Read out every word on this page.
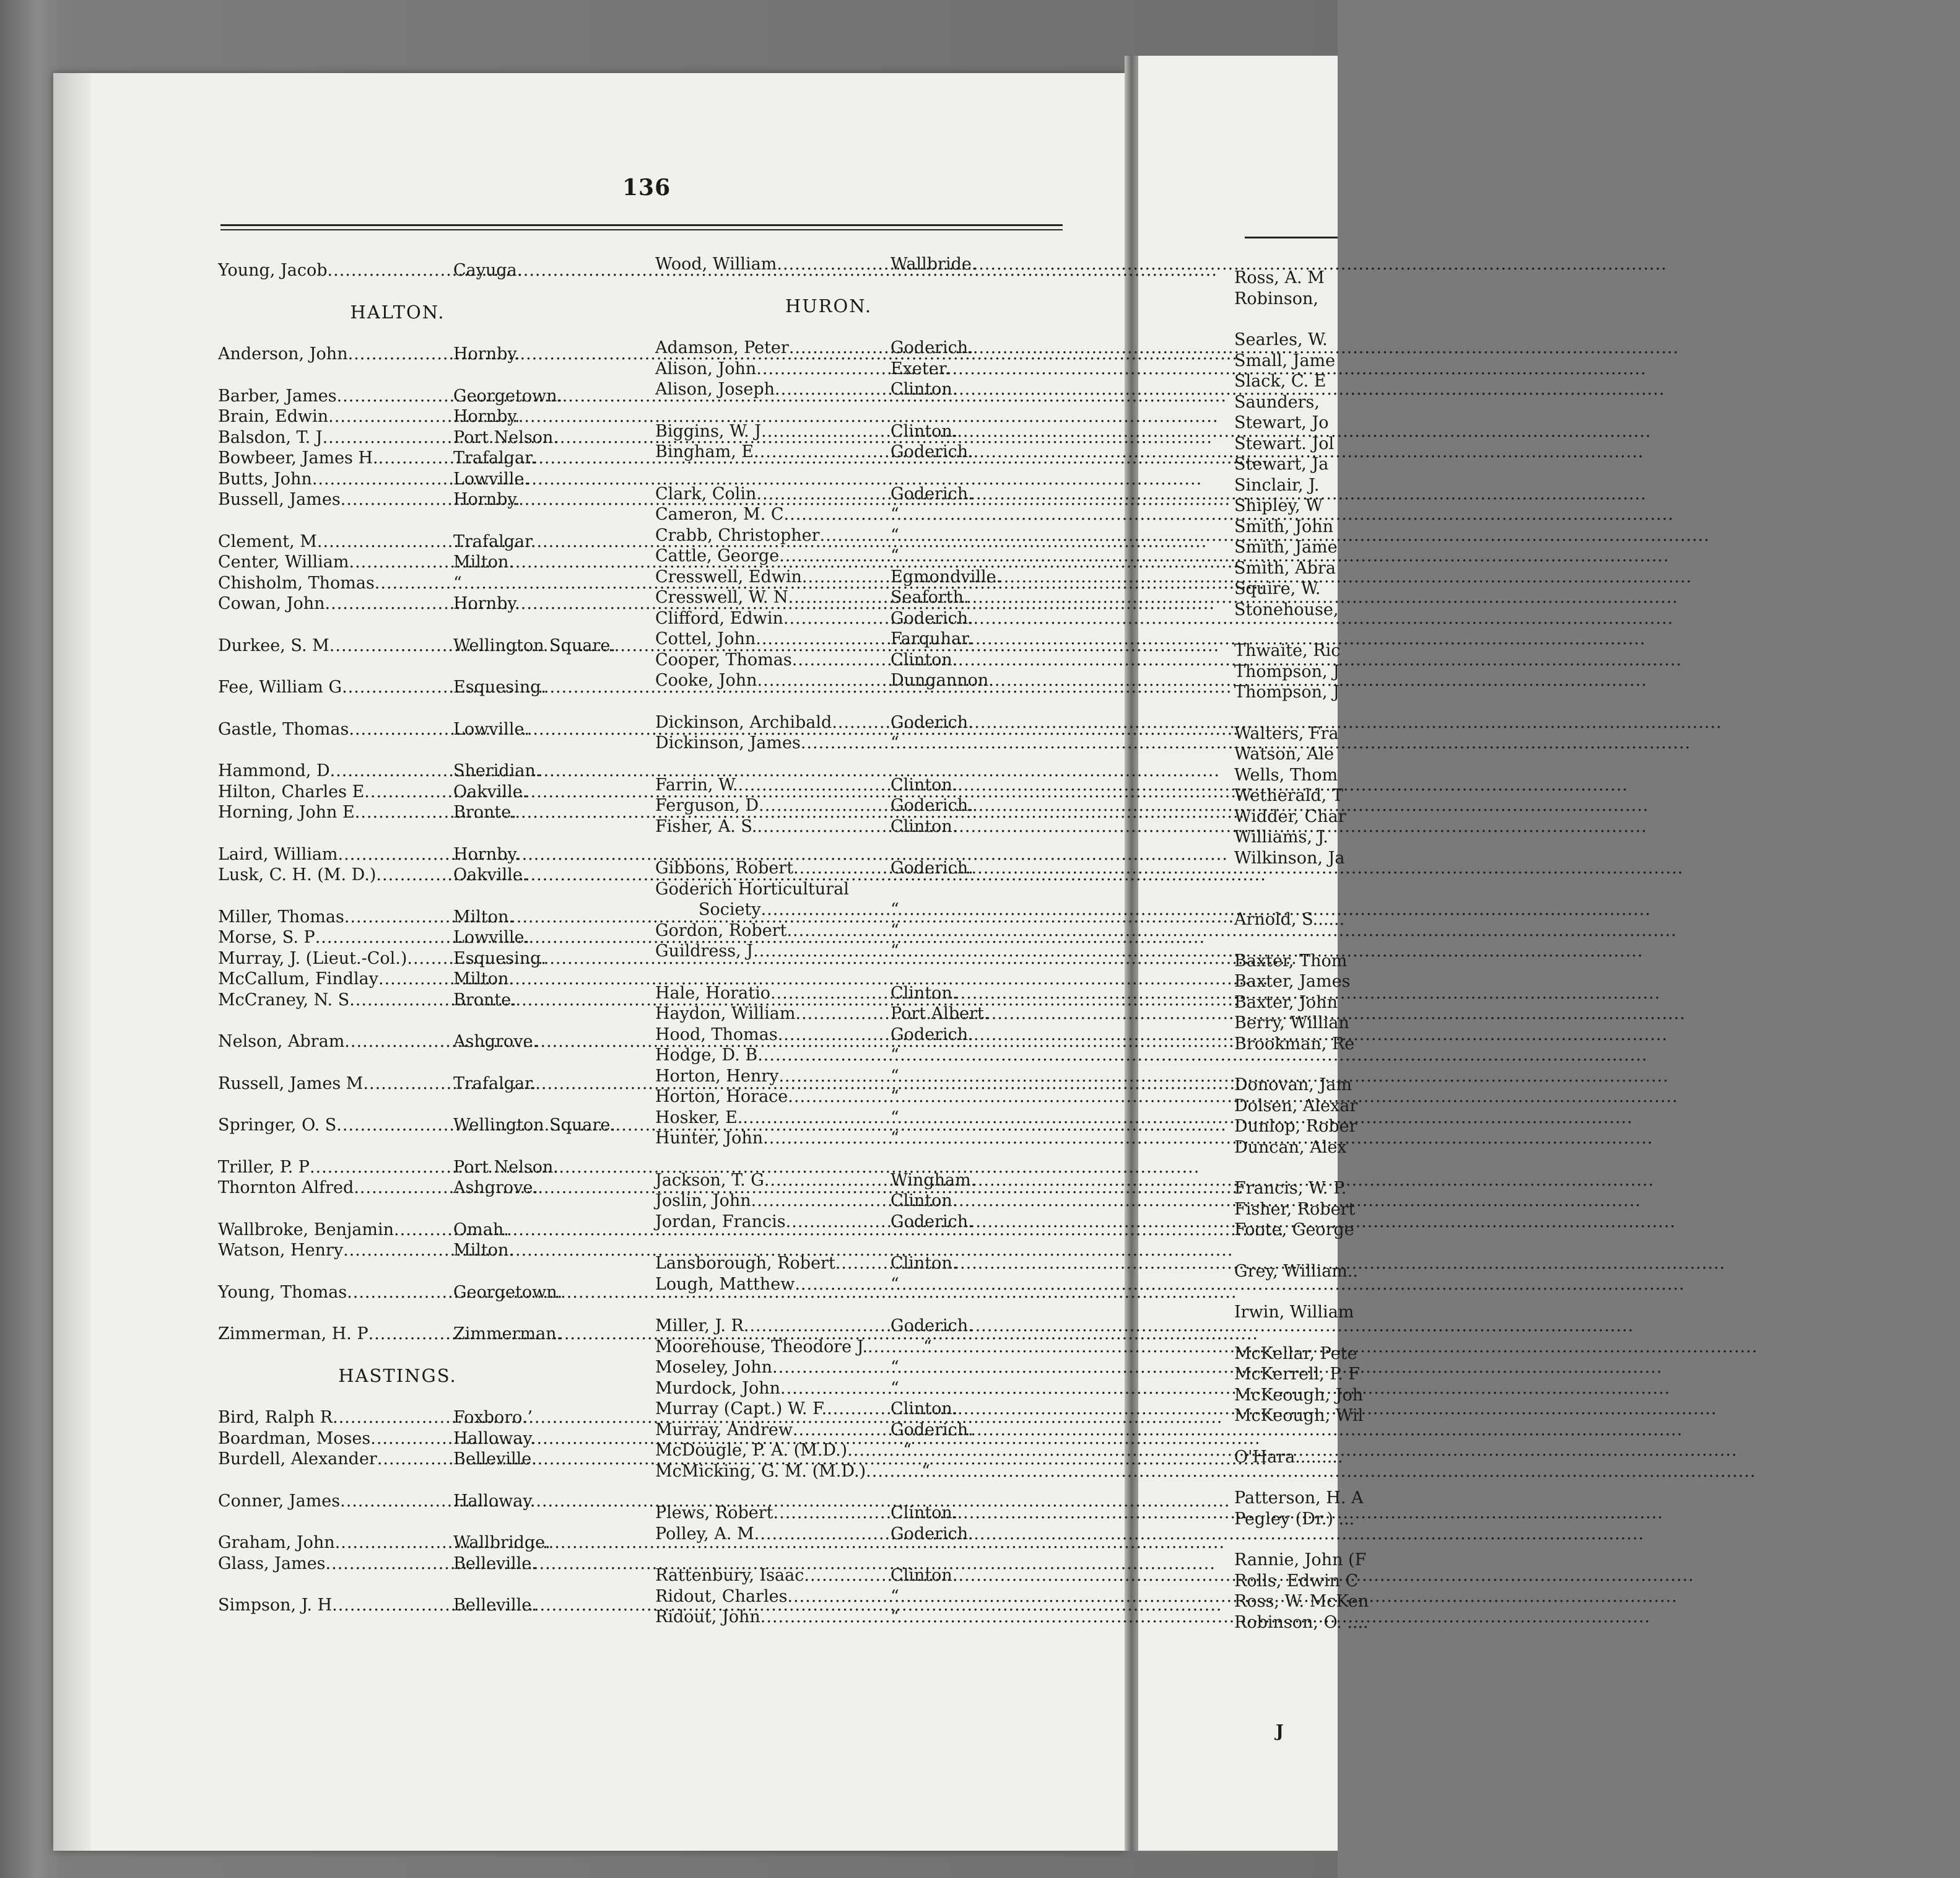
136
Young, Jacob .....	Cayuga.
HALTON.
Anderson, John .....	Hornby.
Barber, James .....	Georgetown.
Brain, Edwin .....	Hornby.
Balsdon, T. J .....	Port Nelson.
Bowbeer, James H. .....	Trafalgar.
Butts, John .....	Lowville.
Bussell, James .....	Hornby.
Clement, M .....	Trafalgar.
Center, William .....	Milton.
Chisholm, Thomas .....	“
Cowan, John .....	Hornby.
Durkee, S. M .....	Wellington Square.
Fee, William G .....	Esquesing.
Gastle, Thomas .....	Lowville.
Hammond, D .....	Sheridian.
Hilton, Charles E .....	Oakville.
Horning, John E .....	Bronte.
Laird, William .....	Hornby.
Lusk, C. H. (M. D.) .....	Oakville.
Miller, Thomas .....	Milton.
Morse, S. P .....	Lowville.
Murray, J. (Lieut.-Col.) .....	Esquesing.
McCallum, Findlay .....	Milton.
McCraney, N. S .....	Bronte.
Nelson, Abram .....	Ashgrove.
Russell, James M .....	Trafalgar.
Springer, O. S .....	Wellington Square.
Triller, P. P .....	Port Nelson.
Thornton Alfred .....	Ashgrove.
Wallbroke, Benjamin .....	Omah.
Watson, Henry .....	Milton.
Young, Thomas .....	Georgetown.
Zimmerman, H. P .....	Zimmerman.
HASTINGS.
Bird, Ralph R .....	Foxboro.’
Boardman, Moses .....	Halloway.
Burdell, Alexander .....	Belleville.
Conner, James .....	Halloway.
Graham, John .....	Wallbridge.
Glass, James .....	Belleville.
Simpson, J. H .....	Belleville.
Wood, William .....	Wallbride.
HURON.
Adamson, Peter .....	Goderich.
Alison, John .....	Exeter.
Alison, Joseph .....	Clinton.
Biggins, W. J .....	Clinton.
Bingham, E .....	Goderich.
Clark, Colin .....	Goderich.
Cameron, M. C .....	“
Crabb, Christopher .....	“
Cattle, George .....	“
Cresswell, Edwin .....	Egmondville.
Cresswell, W. N .....	Seaforth.
Clifford, Edwin .....	Goderich.
Cottel, John .....	Farquhar.
Cooper, Thomas .....	Clinton.
Cooke, John .....	Dungannon.
Dickinson, Archibald .....	Goderich.
Dickinson, James .....	“
Farrin, W. .....	Clinton.
Ferguson, D .....	Goderich.
Fisher, A. S. .....	Clinton.
Gibbons, Robert .....	Goderich.
Goderich Horticultural
Society .....	“
Gordon, Robert .....	“
Guildress, J .....	“
Hale, Horatio .....	Clinton.
Haydon, William .....	Port Albert.
Hood, Thomas .....	Goderich.
Hodge, D. B .....	“
Horton, Henry .....	“
Horton, Horace .....	“
Hosker, E. .....	“
Hunter, John .....	“
Jackson, T. G .....	Wingham.
Joslin, John .....	Clinton.
Jordan, Francis .....	Goderich.
Lansborough, Robert .....	Clinton.
Lough, Matthew .....	“
Miller, J. R .....	Goderich.
Moorehouse, Theodore J. .....	“
Moseley, John .....	“
Murdock, John .....	“
Murray (Capt.) W. F. .....	Clinton.
Murray, Andrew .....	Goderich.
McDougle, P. A. (M.D.) .....	“
McMicking, G. M. (M.D.) .....	“
Plews, Robert .....	Clinton.
Polley, A. M .....	Goderich.
Rattenbury, Isaac .....	Clinton.
Ridout, Charles .....	“
Ridout, John .....	“
Ross, A. M
Robinson,
Searles, W.
Small, Jame
Slack, C. E
Saunders,
Stewart, Jo
Stewart. Jol
Stewart, Ja
Sinclair, J.
Shipley, W
Smith, John
Smith, Jame
Smith, Abra
Squire, W.
Stonehouse,
Thwaite, Ric
Thompson, J
Thompson, J
Walters, Fra
Watson, Ale
Wells, Thom
Wetherald, T
Widder, Char
Williams, J.
Wilkinson, Ja
Arnold, S......
Baxter, Thom
Baxter, James
Baxter, John
Berry, Willian
Brookman, Re
Donovan, Jam
Dolsen, Alexar
Dunlop, Rober
Duncan, Alex
Francis, W. P.
Fisher, Robert
Foote, George
Grey, William..
Irwin, William
McKellar, Pete
McKerrell, P. F
McKeough, Joh
McKeough, Wil
O'Hara.........
Patterson, H. A
Pegley (Dr.) ...
Rannie, John (F
Rolls, Edwin C
Ross, W. McKen
Robinson, O. ....
J
